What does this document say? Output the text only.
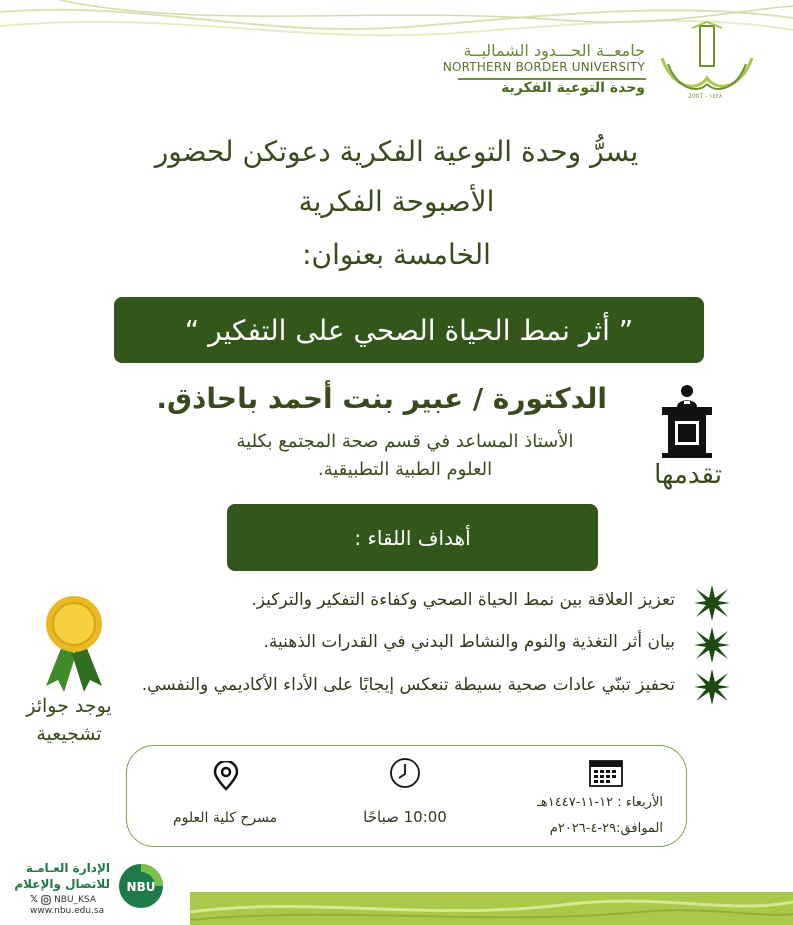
جامعــة الحـــدود الشماليــة
NORTHERN BORDER UNIVERSITY
وحدة التوعية الفكرية
2007 - ١٤٢٨
يسرُّ وحدة التوعية الفكرية دعوتكن لحضور
الأصبوحة الفكرية
الخامسة بعنوان:
” أثر نمط الحياة الصحي على التفكير “
الدكتورة / عبير بنت أحمد باحاذق.
الأستاذ المساعد في قسم صحة المجتمع بكلية
العلوم الطبية التطبيقية.	تقدمها
أهداف اللقاء :
تعزيز العلاقة بين نمط الحياة الصحي وكفاءة التفكير والتركيز.
بيان أثر التغذية والنوم والنشاط البدني في القدرات الذهنية.
تحفيز تبنّي عادات صحية بسيطة تنعكس إيجابًا على الأداء الأكاديمي والنفسي.
يوجد جوائز
تشجيعية
مسرح كلية العلوم	10:00 صباحًا
الأربعاء : ١٢-١١-١٤٤٧هـ
الموافق:٢٩-٤-٢٠٢٦م
الإدارة العـامـة
للاتصال والإعلام
𝕏 NBU_KSA
www.nbu.edu.sa
NBU
